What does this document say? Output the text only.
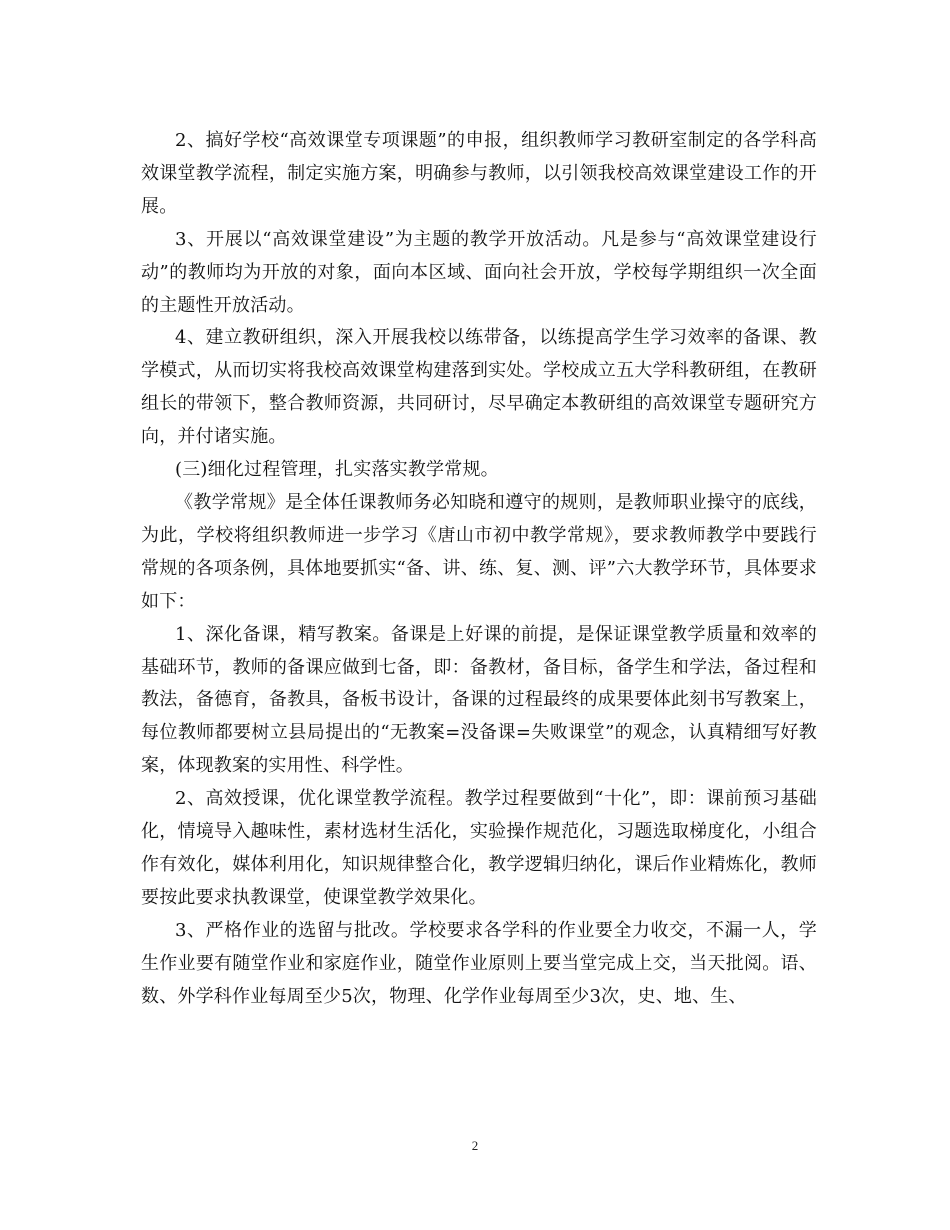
2、搞好学校“高效课堂专项课题”的申报，组织教师学习教研室制定的各学科高效课堂教学流程，制定实施方案，明确参与教师，以引领我校高效课堂建设工作的开展。

3、开展以“高效课堂建设”为主题的教学开放活动。凡是参与“高效课堂建设行动”的教师均为开放的对象，面向本区域、面向社会开放，学校每学期组织一次全面的主题性开放活动。

4、建立教研组织，深入开展我校以练带备，以练提高学生学习效率的备课、教学模式，从而切实将我校高效课堂构建落到实处。学校成立五大学科教研组，在教研组长的带领下，整合教师资源，共同研讨，尽早确定本教研组的高效课堂专题研究方向，并付诸实施。

(三)细化过程管理，扎实落实教学常规。

《教学常规》是全体任课教师务必知晓和遵守的规则，是教师职业操守的底线，为此，学校将组织教师进一步学习《唐山市初中教学常规》，要求教师教学中要践行常规的各项条例，具体地要抓实“备、讲、练、复、测、评”六大教学环节，具体要求如下：

1、深化备课，精写教案。备课是上好课的前提，是保证课堂教学质量和效率的基础环节，教师的备课应做到七备，即：备教材，备目标，备学生和学法，备过程和教法，备德育，备教具，备板书设计，备课的过程最终的成果要体此刻书写教案上，每位教师都要树立县局提出的“无教案=没备课=失败课堂”的观念，认真精细写好教案，体现教案的实用性、科学性。

2、高效授课，优化课堂教学流程。教学过程要做到“十化”，即：课前预习基础化，情境导入趣味性，素材选材生活化，实验操作规范化，习题选取梯度化，小组合作有效化，媒体利用化，知识规律整合化，教学逻辑归纳化，课后作业精炼化，教师要按此要求执教课堂，使课堂教学效果化。

3、严格作业的选留与批改。学校要求各学科的作业要全力收交，不漏一人，学生作业要有随堂作业和家庭作业，随堂作业原则上要当堂完成上交，当天批阅。语、数、外学科作业每周至少5次，物理、化学作业每周至少3次，史、地、生、

2
